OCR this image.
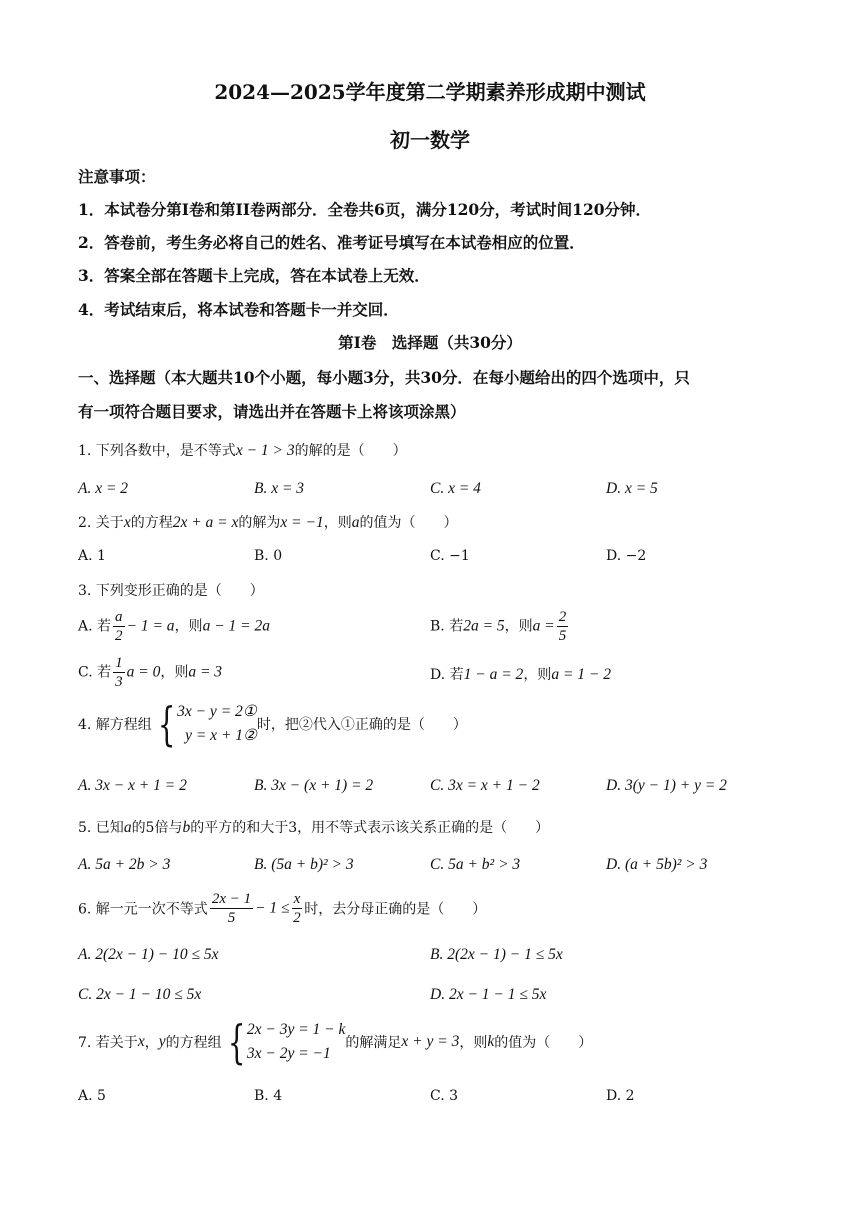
2024—2025学年度第二学期素养形成期中测试
初一数学
注意事项：
1．本试卷分第I卷和第II卷两部分．全卷共6页，满分120分，考试时间120分钟．
2．答卷前，考生务必将自己的姓名、准考证号填写在本试卷相应的位置．
3．答案全部在答题卡上完成，答在本试卷上无效．
4．考试结束后，将本试卷和答题卡一并交回．
第I卷　选择题（共30分）
一、选择题（本大题共10个小题，每小题3分，共30分．在每小题给出的四个选项中，只
有一项符合题目要求，请选出并在答题卡上将该项涂黑）
1. 下列各数中，是不等式x − 1 > 3的解的是（　　）
A. x = 2	B. x = 3	C. x = 4	D. x = 5
2. 关于x的方程2x + a = x的解为x = −1，则a的值为（　　）
A. 1	B. 0	C. −1	D. −2
3. 下列变形正确的是（　　）
A. 若 $\frac{a}{2} - 1 = a$，则a − 1 = 2a	B. 若2a = 5，则$a = \frac{2}{5}$
C. 若 $\frac{1}{3}$ a = 0，则a = 3	D. 若1 − a = 2，则a = 1 − 2
4. 解方程组 { 3x − y = 2①
y = x + 1②
时，把②代入①正确的是（　　）
A. 3x − x + 1 = 2	B. 3x − (x + 1) = 2	C. 3x = x + 1 − 2	D. 3(y − 1) + y = 2
5. 已知a的5倍与b的平方的和大于3，用不等式表示该关系正确的是（　　）
A. 5a + 2b > 3	B. (5a + b)² > 3	C. 5a + b² > 3	D. (a + 5b)² > 3
6. 解一元一次不等式 $\frac{2x - 1}{5} - 1 \le \frac{x}{2}$ 时，去分母正确的是（　　）
A. 2(2x − 1) − 10 ≤ 5x	B. 2(2x − 1) − 1 ≤ 5x
C. 2x − 1 − 10 ≤ 5x	D. 2x − 1 − 1 ≤ 5x
7. 若关于x，y的方程组 { 2x − 3y = 1 − k
3x − 2y = −1
的解满足x + y = 3，则k的值为（　　）
A. 5	B. 4	C. 3	D. 2
